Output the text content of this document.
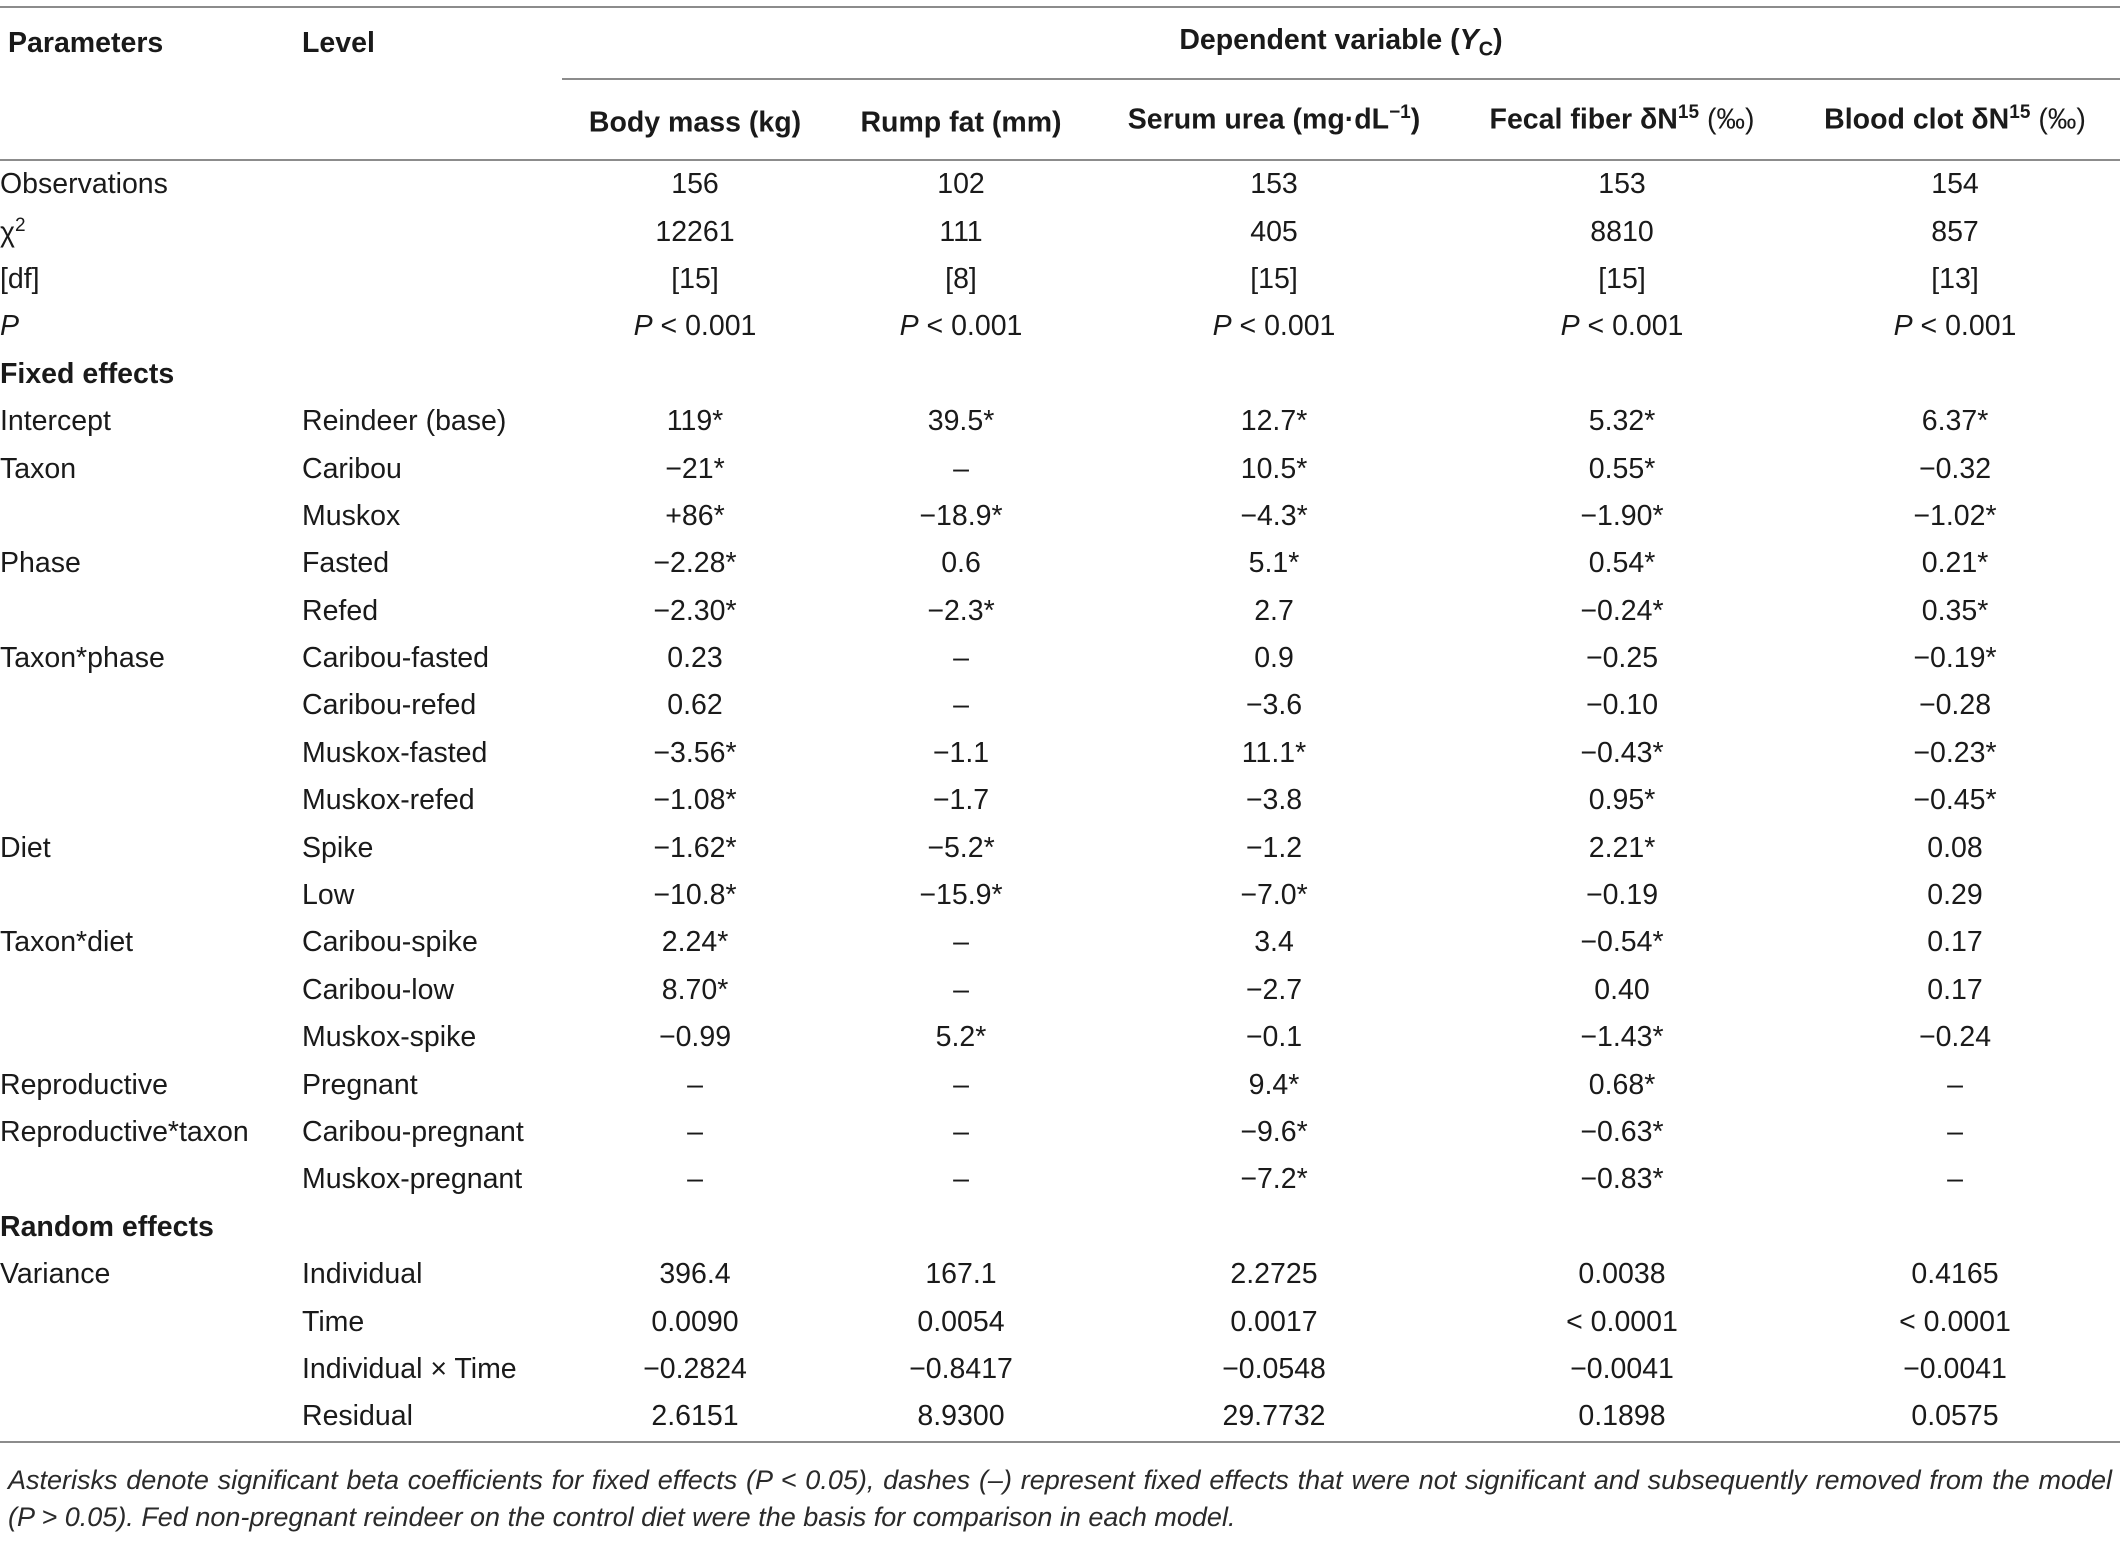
Parameters	Level	Dependent variable $(Y_C)$				
		Body mass (kg)	Rump fat (mm)	Serum urea $(mg\cdot dL^{-1})$	Fecal fiber $\delta N^{15}$ (‰)	Blood clot $\delta N^{15}$ (‰)

Observations		156	102	153	153	154
$\chi^2$		12261	111	405	8810	857
[df]		[15]	[8]	[15]	[15]	[13]
P		P < 0.001	P < 0.001	P < 0.001	P < 0.001	P < 0.001
Fixed effects						
Intercept	Reindeer (base)	119*	39.5*	12.7*	5.32*	6.37*
Taxon	Caribou	−21*	–	10.5*	0.55*	−0.32
	Muskox	+86*	−18.9*	−4.3*	−1.90*	−1.02*
Phase	Fasted	−2.28*	0.6	5.1*	0.54*	0.21*
	Refed	−2.30*	−2.3*	2.7	−0.24*	0.35*
Taxon*phase	Caribou-fasted	0.23	–	0.9	−0.25	−0.19*
	Caribou-refed	0.62	–	−3.6	−0.10	−0.28
	Muskox-fasted	−3.56*	−1.1	11.1*	−0.43*	−0.23*
	Muskox-refed	−1.08*	−1.7	−3.8	0.95*	−0.45*
Diet	Spike	−1.62*	−5.2*	−1.2	2.21*	0.08
	Low	−10.8*	−15.9*	−7.0*	−0.19	0.29
Taxon*diet	Caribou-spike	2.24*	–	3.4	−0.54*	0.17
	Caribou-low	8.70*	–	−2.7	0.40	0.17
	Muskox-spike	−0.99	5.2*	−0.1	−1.43*	−0.24
Reproductive	Pregnant	–	–	9.4*	0.68*	–
Reproductive*taxon	Caribou-pregnant	–	–	−9.6*	−0.63*	–
	Muskox-pregnant	–	–	−7.2*	−0.83*	–
Random effects						
Variance	Individual	396.4	167.1	2.2725	0.0038	0.4165
	Time	0.0090	0.0054	0.0017	< 0.0001	< 0.0001
	Individual × Time	−0.2824	−0.8417	−0.0548	−0.0041	−0.0041
	Residual	2.6151	8.9300	29.7732	0.1898	0.0575

Asterisks denote significant beta coefficients for fixed effects (P < 0.05), dashes (–) represent fixed effects that were not significant and subsequently removed from the model (P > 0.05). Fed non-pregnant reindeer on the control diet were the basis for comparison in each model.
